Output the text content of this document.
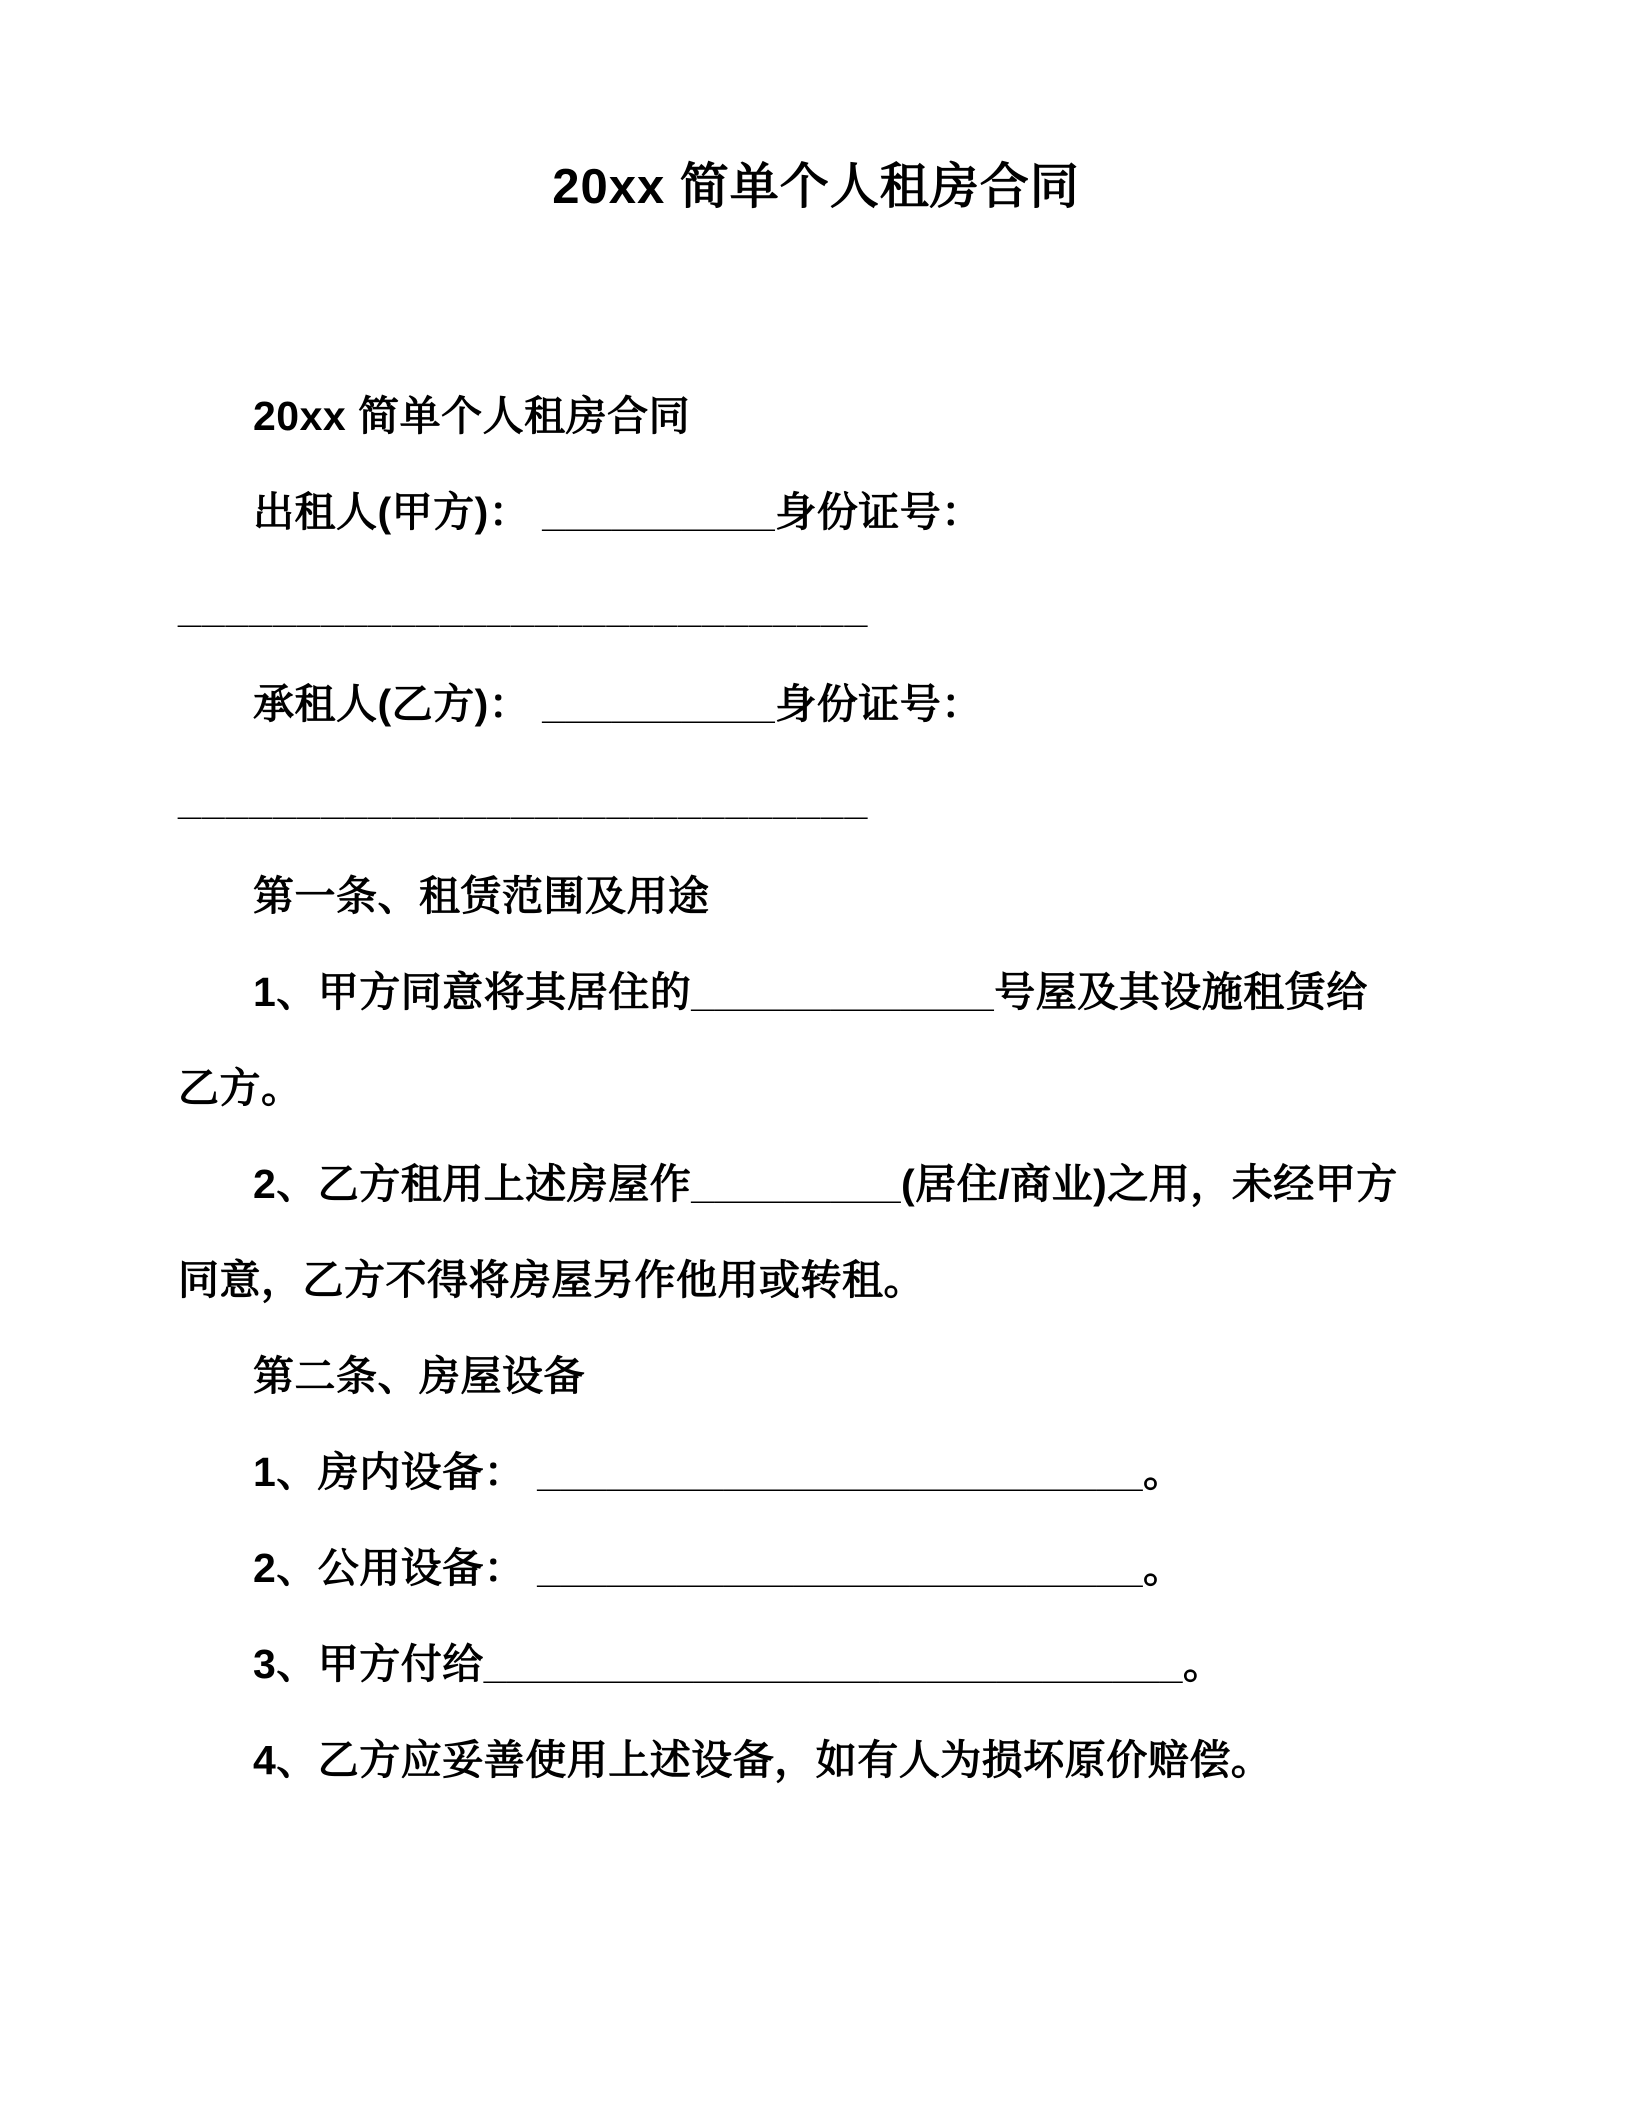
20xx 简单个人租房合同
20xx 简单个人租房合同
出租人(甲方)： __________身份证号：
_____________________________
承租人(乙方)： __________身份证号：
_____________________________
第一条、租赁范围及用途
1、甲方同意将其居住的_____________号屋及其设施租赁给
乙方。
2、乙方租用上述房屋作_________(居住/商业)之用，未经甲方
同意，乙方不得将房屋另作他用或转租。
第二条、房屋设备
1、房内设备： __________________________。
2、公用设备： __________________________。
3、甲方付给______________________________。
4、乙方应妥善使用上述设备，如有人为损坏原价赔偿。
